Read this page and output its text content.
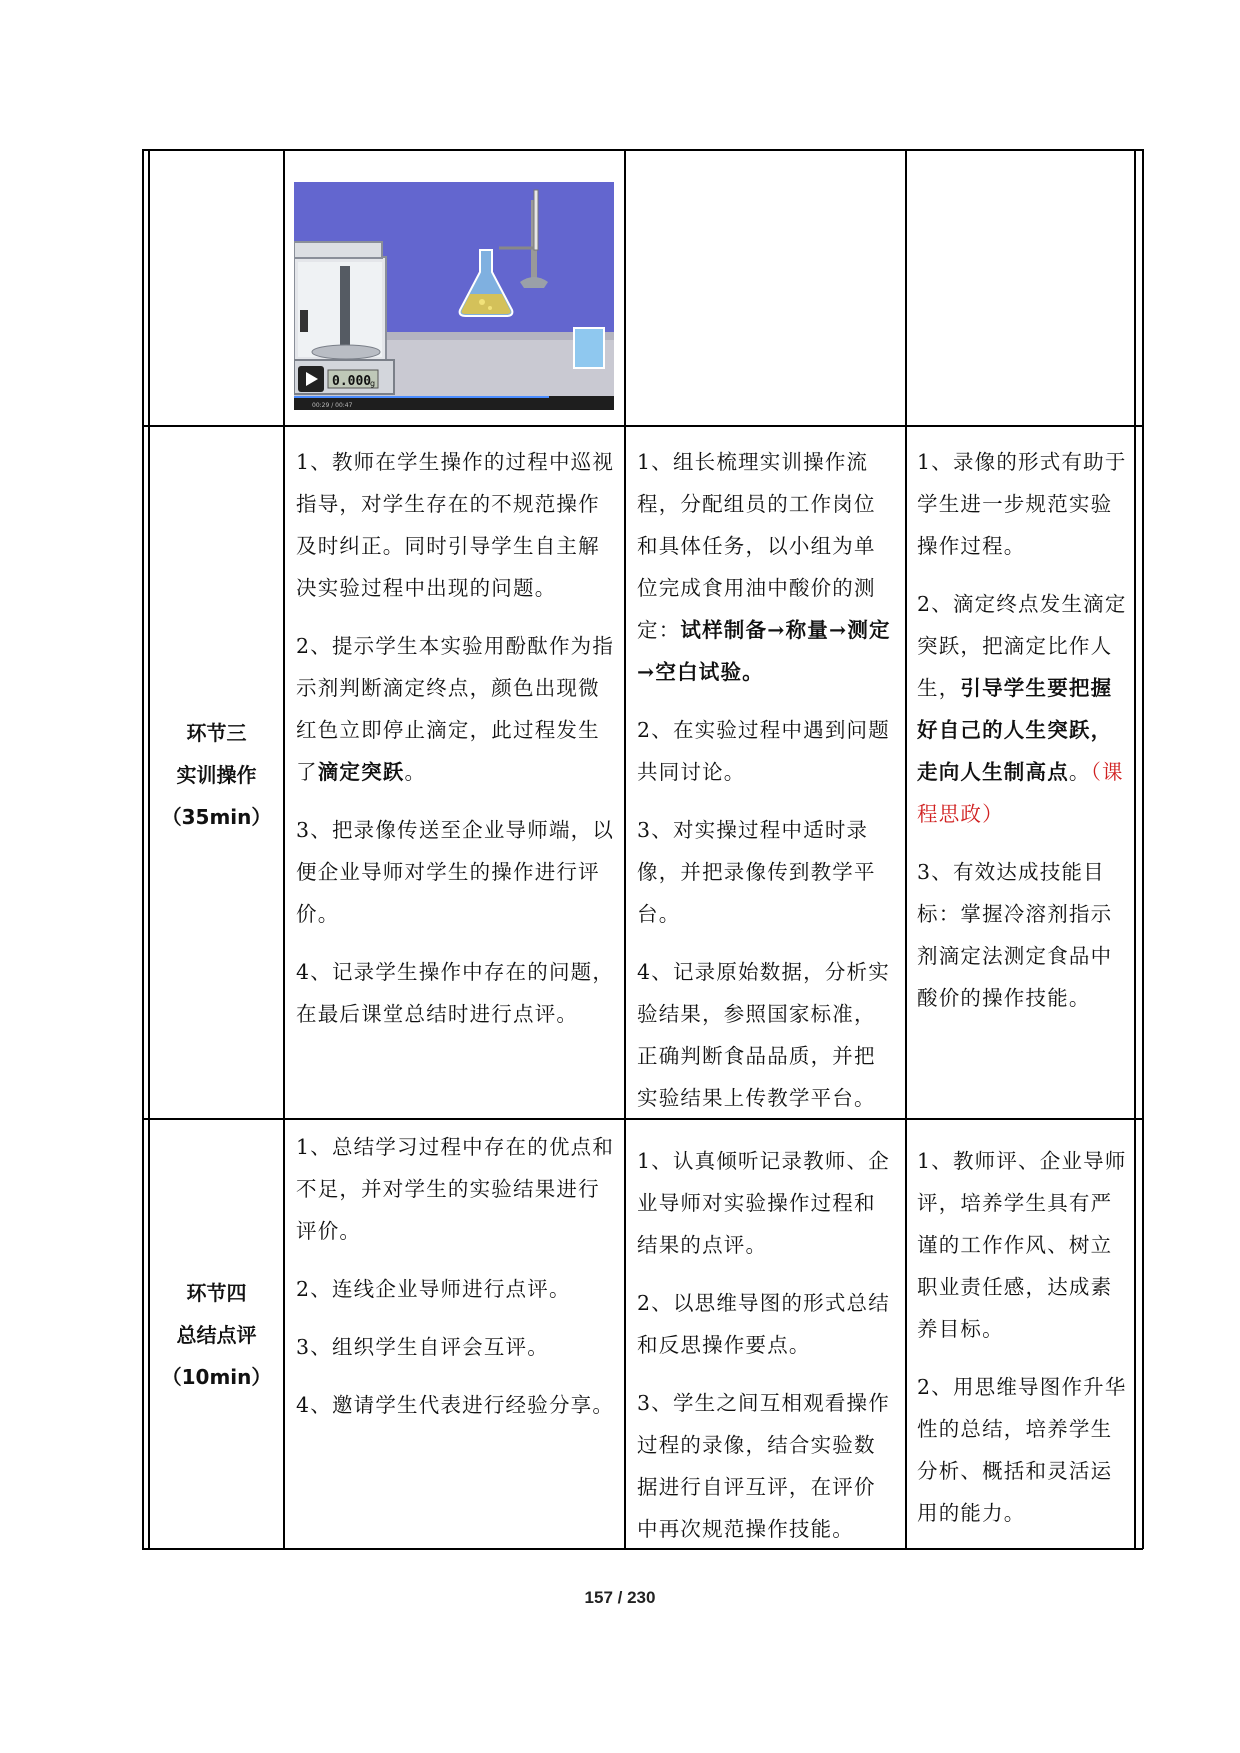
0.000
g
00:29 / 00:47
环节三
实训操作
（35min）

1、教师在学生操作的过程中巡视指导，对学生存在的不规范操作及时纠正。同时引导学生自主解决实验过程中出现的问题。

2、提示学生本实验用酚酞作为指示剂判断滴定终点，颜色出现微红色立即停止滴定，此过程发生了滴定突跃。

3、把录像传送至企业导师端，以便企业导师对学生的操作进行评价。

4、记录学生操作中存在的问题，在最后课堂总结时进行点评。

1、组长梳理实训操作流程，分配组员的工作岗位和具体任务，以小组为单位完成食用油中酸价的测定：试样制备→称量→测定→空白试验。

2、在实验过程中遇到问题共同讨论。

3、对实操过程中适时录像，并把录像传到教学平台。

4、记录原始数据，分析实验结果，参照国家标准，正确判断食品品质，并把实验结果上传教学平台。

1、录像的形式有助于学生进一步规范实验操作过程。

2、滴定终点发生滴定突跃，把滴定比作人生，引导学生要把握好自己的人生突跃，走向人生制高点。（课程思政）

3、有效达成技能目标：掌握冷溶剂指示剂滴定法测定食品中酸价的操作技能。

环节四
总结点评
（10min）

1、总结学习过程中存在的优点和不足，并对学生的实验结果进行评价。

2、连线企业导师进行点评。

3、组织学生自评会互评。

4、邀请学生代表进行经验分享。

1、认真倾听记录教师、企业导师对实验操作过程和结果的点评。

2、以思维导图的形式总结和反思操作要点。

3、学生之间互相观看操作过程的录像，结合实验数据进行自评互评，在评价中再次规范操作技能。

1、教师评、企业导师评，培养学生具有严谨的工作作风、树立职业责任感，达成素养目标。

2、用思维导图作升华性的总结，培养学生分析、概括和灵活运用的能力。

157 / 230
